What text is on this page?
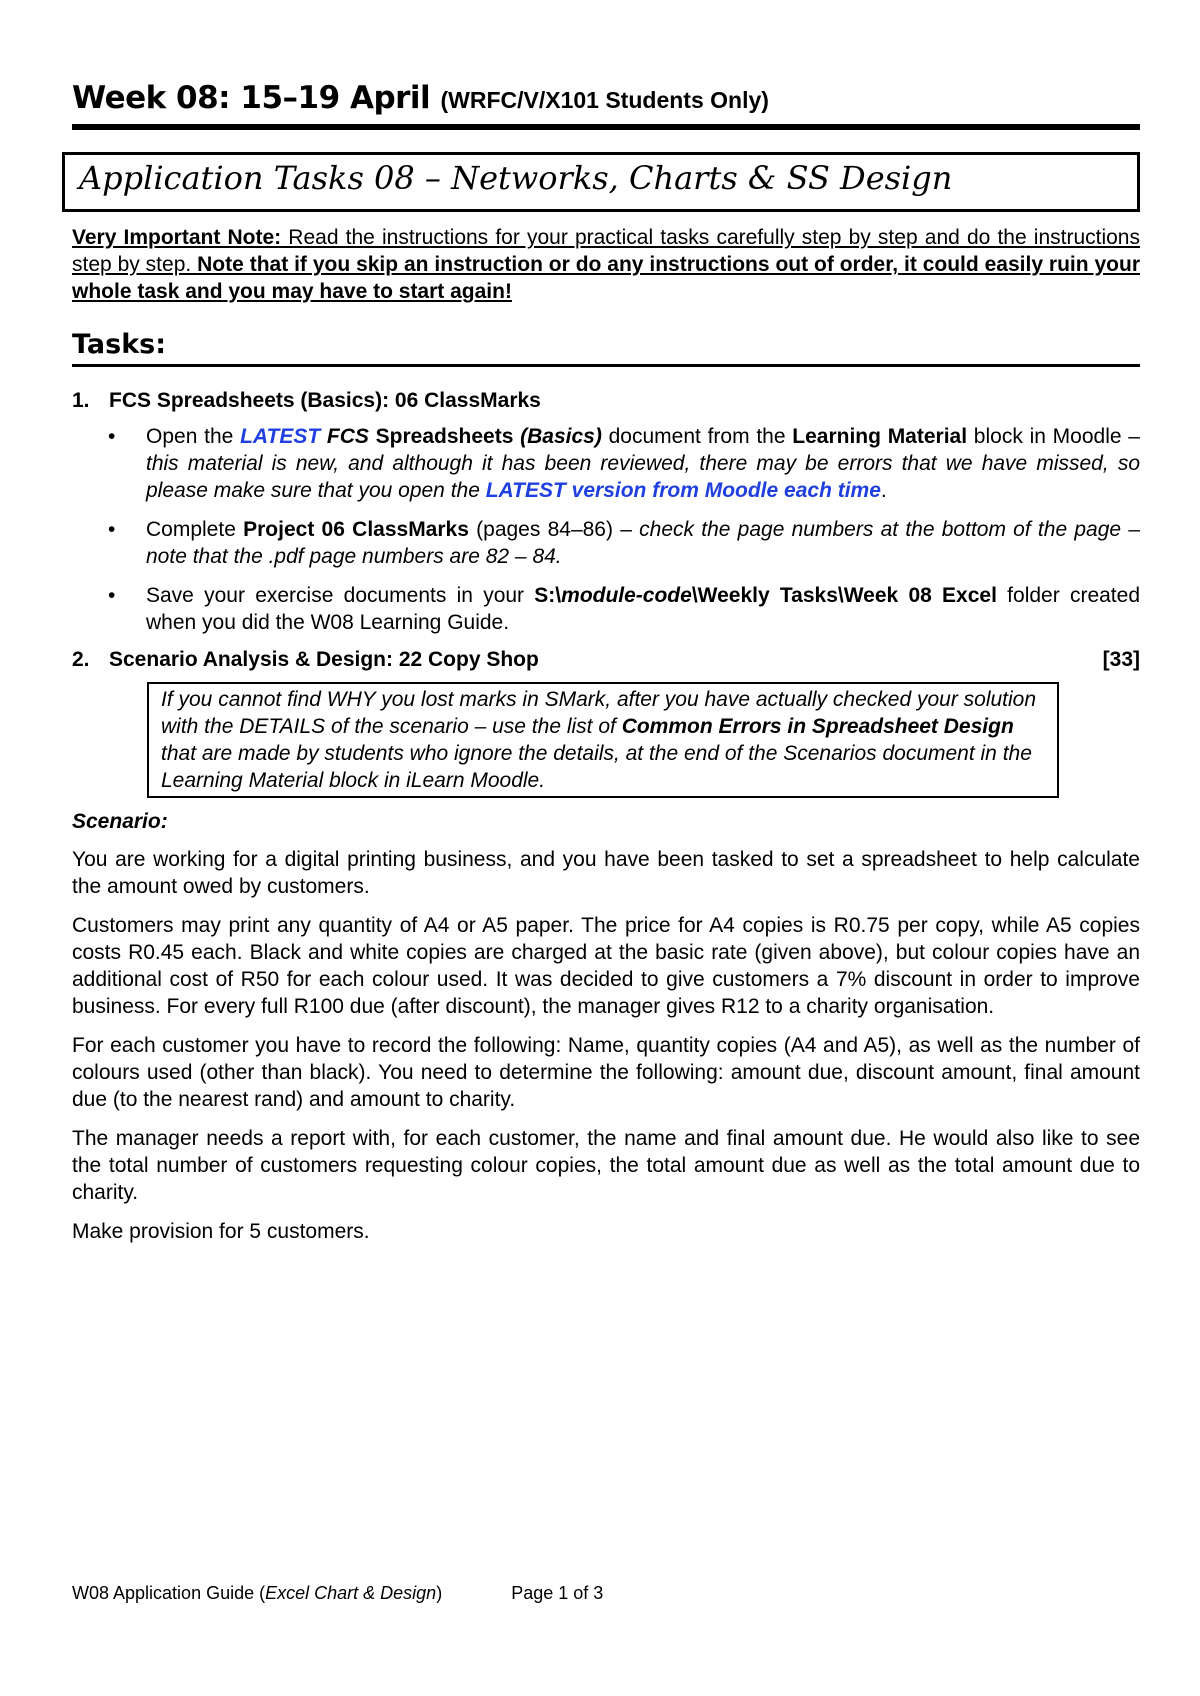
Week 08: 15–19 April (WRFC/V/X101 Students Only)
Application Tasks 08 – Networks, Charts & SS Design
Very Important Note: Read the instructions for your practical tasks carefully step by step and do the instructions step by step. Note that if you skip an instruction or do any instructions out of order, it could easily ruin your whole task and you may have to start again!
Tasks:
1. FCS Spreadsheets (Basics): 06 ClassMarks
• Open the LATEST FCS Spreadsheets (Basics) document from the Learning Material block in Moodle – this material is new, and although it has been reviewed, there may be errors that we have missed, so please make sure that you open the LATEST version from Moodle each time.
• Complete Project 06 ClassMarks (pages 84–86) – check the page numbers at the bottom of the page – note that the .pdf page numbers are 82 – 84.
• Save your exercise documents in your S:\module-code\Weekly Tasks\Week 08 Excel folder created when you did the W08 Learning Guide.
2. Scenario Analysis & Design: 22 Copy Shop	[33]
If you cannot find WHY you lost marks in SMark, after you have actually checked your solution with the DETAILS of the scenario – use the list of Common Errors in Spreadsheet Design that are made by students who ignore the details, at the end of the Scenarios document in the Learning Material block in iLearn Moodle.
Scenario:
You are working for a digital printing business, and you have been tasked to set a spreadsheet to help calculate the amount owed by customers.
Customers may print any quantity of A4 or A5 paper. The price for A4 copies is R0.75 per copy, while A5 copies costs R0.45 each. Black and white copies are charged at the basic rate (given above), but colour copies have an additional cost of R50 for each colour used. It was decided to give customers a 7% discount in order to improve business. For every full R100 due (after discount), the manager gives R12 to a charity organisation.
For each customer you have to record the following: Name, quantity copies (A4 and A5), as well as the number of colours used (other than black). You need to determine the following: amount due, discount amount, final amount due (to the nearest rand) and amount to charity.
The manager needs a report with, for each customer, the name and final amount due. He would also like to see the total number of customers requesting colour copies, the total amount due as well as the total amount due to charity.
Make provision for 5 customers.
W08 Application Guide (Excel Chart & Design)	Page 1 of 3
